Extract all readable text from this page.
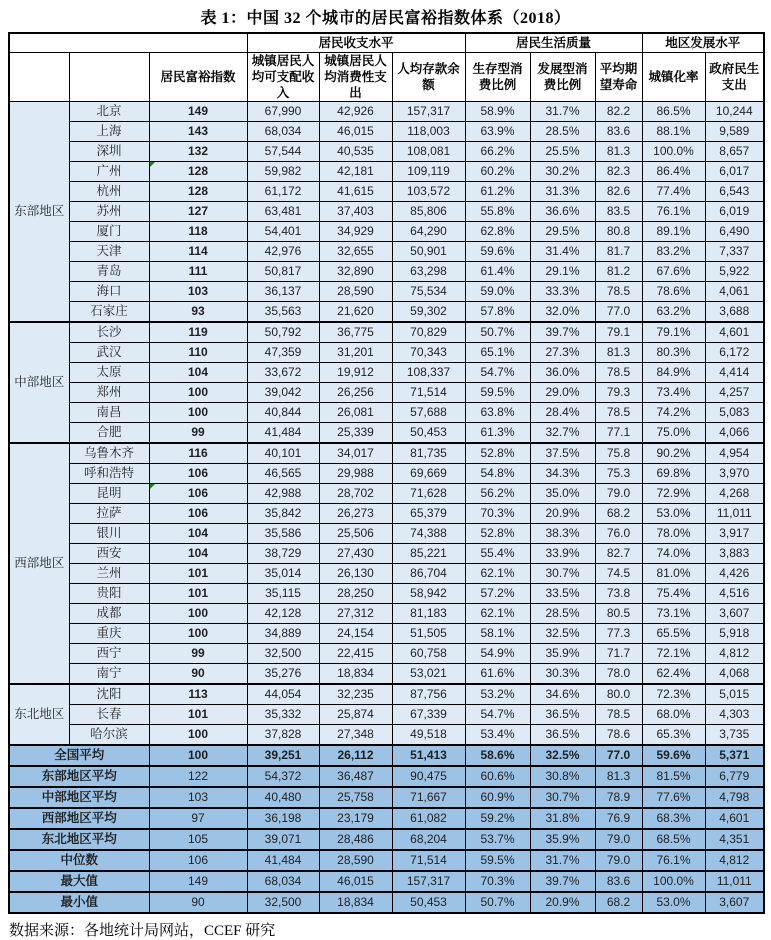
表 1：中国 32 个城市的居民富裕指数体系（2018）
			居民收支水平			居民生活质量			地区发展水平	
		居民富裕指数	城镇居民人均可支配收入	城镇居民人均消费性支出	人均存款余额	生存型消费比例	发展型消费比例	平均期望寿命	城镇化率	政府民生支出
东部地区	北京	149	67,990	42,926	157,317	58.9%	31.7%	82.2	86.5%	10,244
	上海	143	68,034	46,015	118,003	63.9%	28.5%	83.6	88.1%	9,589
	深圳	132	57,544	40,535	108,081	66.2%	25.5%	81.3	100.0%	8,657
	广州	128	59,982	42,181	109,119	60.2%	30.2%	82.3	86.4%	6,017
	杭州	128	61,172	41,615	103,572	61.2%	31.3%	82.6	77.4%	6,543
	苏州	127	63,481	37,403	85,806	55.8%	36.6%	83.5	76.1%	6,019
	厦门	118	54,401	34,929	64,290	62.8%	29.5%	80.8	89.1%	6,490
	天津	114	42,976	32,655	50,901	59.6%	31.4%	81.7	83.2%	7,337
	青岛	111	50,817	32,890	63,298	61.4%	29.1%	81.2	67.6%	5,922
	海口	103	36,137	28,590	75,534	59.0%	33.3%	78.5	78.6%	4,061
	石家庄	93	35,563	21,620	59,302	57.8%	32.0%	77.0	63.2%	3,688
中部地区	长沙	119	50,792	36,775	70,829	50.7%	39.7%	79.1	79.1%	4,601
	武汉	110	47,359	31,201	70,343	65.1%	27.3%	81.3	80.3%	6,172
	太原	104	33,672	19,912	108,337	54.7%	36.0%	78.5	84.9%	4,414
	郑州	100	39,042	26,256	71,514	59.5%	29.0%	79.3	73.4%	4,257
	南昌	100	40,844	26,081	57,688	63.8%	28.4%	78.5	74.2%	5,083
	合肥	99	41,484	25,339	50,453	61.3%	32.7%	77.1	75.0%	4,066
西部地区	乌鲁木齐	116	40,101	34,017	81,735	52.8%	37.5%	75.8	90.2%	4,954
	呼和浩特	106	46,565	29,988	69,669	54.8%	34.3%	75.3	69.8%	3,970
	昆明	106	42,988	28,702	71,628	56.2%	35.0%	79.0	72.9%	4,268
	拉萨	106	35,842	26,273	65,379	70.3%	20.9%	68.2	53.0%	11,011
	银川	104	35,586	25,506	74,388	52.8%	38.3%	76.0	78.0%	3,917
	西安	104	38,729	27,430	85,221	55.4%	33.9%	82.7	74.0%	3,883
	兰州	101	35,014	26,130	86,704	62.1%	30.7%	74.5	81.0%	4,426
	贵阳	101	35,115	28,250	58,942	57.2%	33.5%	73.8	75.4%	4,516
	成都	100	42,128	27,312	81,183	62.1%	28.5%	80.5	73.1%	3,607
	重庆	100	34,889	24,154	51,505	58.1%	32.5%	77.3	65.5%	5,918
	西宁	99	32,500	22,415	60,758	54.9%	35.9%	71.7	72.1%	4,812
	南宁	90	35,276	18,834	53,021	61.6%	30.3%	78.0	62.4%	4,068
东北地区	沈阳	113	44,054	32,235	87,756	53.2%	34.6%	80.0	72.3%	5,015
	长春	101	35,332	25,874	67,339	54.7%	36.5%	78.5	68.0%	4,303
	哈尔滨	100	37,828	27,348	49,518	53.4%	36.5%	78.6	65.3%	3,735
全国平均		100	39,251	26,112	51,413	58.6%	32.5%	77.0	59.6%	5,371
东部地区平均		122	54,372	36,487	90,475	60.6%	30.8%	81.3	81.5%	6,779
中部地区平均		103	40,480	25,758	71,667	60.9%	30.7%	78.9	77.6%	4,798
西部地区平均		97	36,198	23,179	61,082	59.2%	31.8%	76.9	68.3%	4,601
东北地区平均		105	39,071	28,486	68,204	53.7%	35.9%	79.0	68.5%	4,351
中位数		106	41,484	28,590	71,514	59.5%	31.7%	79.0	76.1%	4,812
最大值		149	68,034	46,015	157,317	70.3%	39.7%	83.6	100.0%	11,011
最小值		90	32,500	18,834	50,453	50.7%	20.9%	68.2	53.0%	3,607
数据来源：各地统计局网站，CCEF 研究
